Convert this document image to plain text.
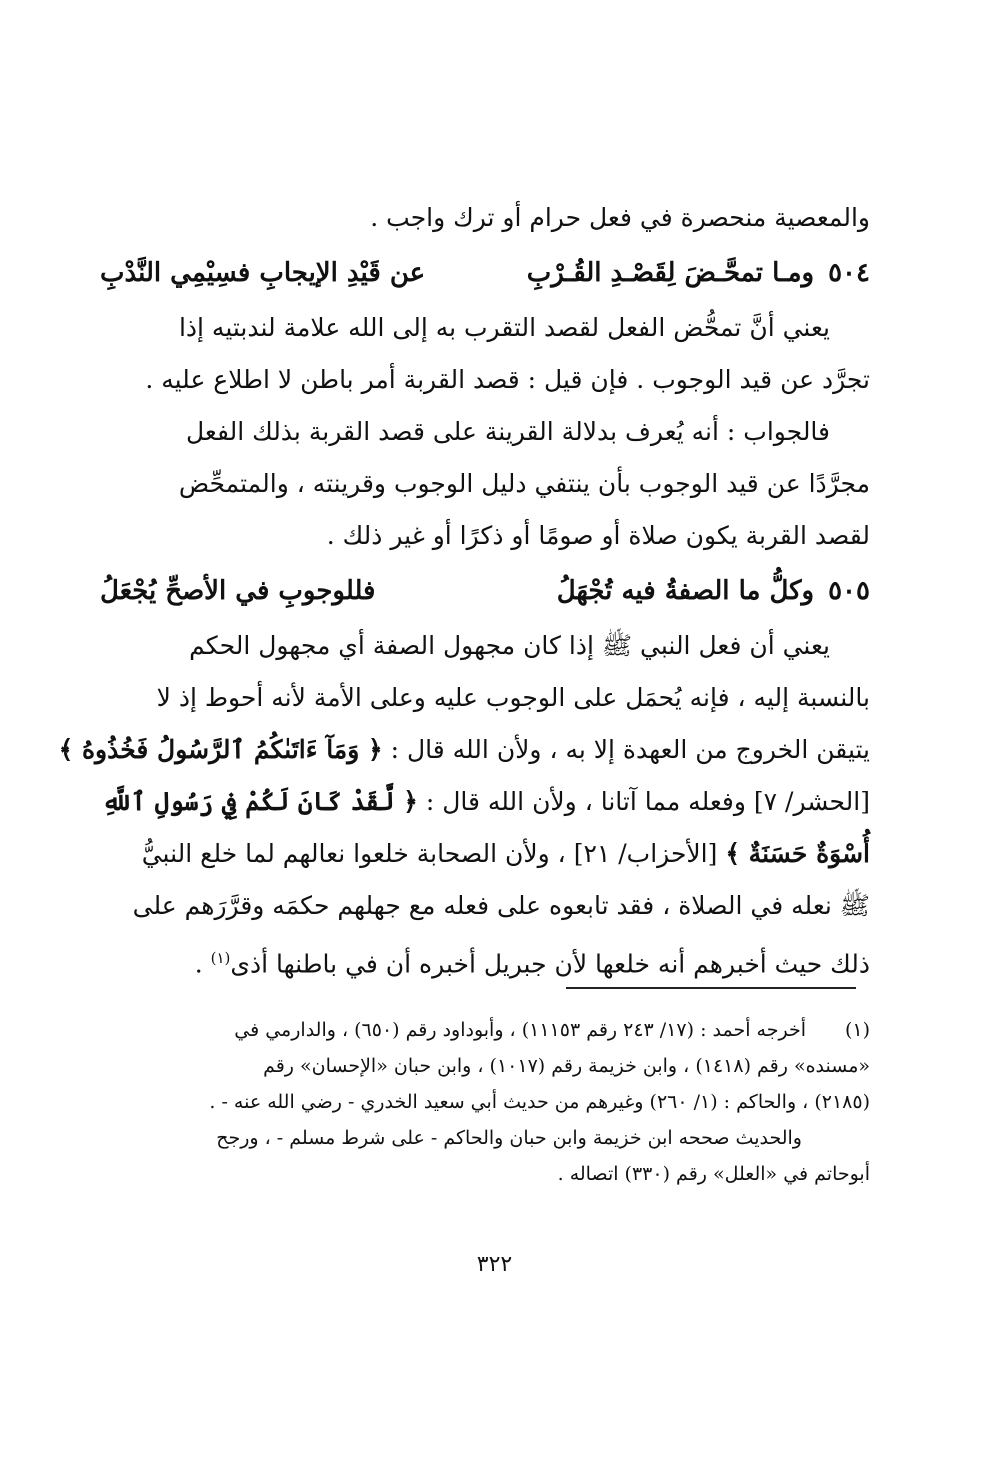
والمعصية منحصرة في فعل حرام أو ترك واجب .
٥٠٤
ومـا تمحَّـضَ لِقَصْـدِ القُـرْبِ
عن قَيْدِ الإيجابِ فسِيْمِي النَّدْبِ
يعني أنَّ تمحُّض الفعل لقصد التقرب به إلى الله علامة لندبتيه إذا
تجرَّد عن قيد الوجوب . فإن قيل : قصد القربة أمر باطن لا اطلاع عليه .
فالجواب : أنه يُعرف بدلالة القرينة على قصد القربة بذلك الفعل
مجرَّدًا عن قيد الوجوب بأن ينتفي دليل الوجوب وقرينته ، والمتمحِّض
لقصد القربة يكون صلاة أو صومًا أو ذكرًا أو غير ذلك .
٥٠٥
وكلُّ ما الصفةُ فيه تُجْهَلُ
فللوجوبِ في الأصحِّ يُجْعَلُ
يعني أن فعل النبي ﷺ إذا كان مجهول الصفة أي مجهول الحكم
بالنسبة إليه ، فإنه يُحمَل على الوجوب عليه وعلى الأمة لأنه أحوط إذ لا
يتيقن الخروج من العهدة إلا به ، ولأن الله قال : ﴿ وَمَآ ءَاتَىٰكُمُ ٱلرَّسُولُ فَخُذُوهُ ﴾
[الحشر/ ٧] وفعله مما آتانا ، ولأن الله قال : ﴿ لَّقَدْ كَانَ لَكُمْ فِي رَسُولِ ٱللَّهِ
أُسْوَةٌ حَسَنَةٌ ﴾ [الأحزاب/ ٢١] ، ولأن الصحابة خلعوا نعالهم لما خلع النبيُّ
ﷺ نعله في الصلاة ، فقد تابعوه على فعله مع جهلهم حكمَه وقرَّرَهم على
ذلك حيث أخبرهم أنه خلعها لأن جبريل أخبره أن في باطنها أذى$^{(١)}$ .
(١)أخرجه أحمد : (١٧/ ٢٤٣ رقم ١١١٥٣) ، وأبوداود رقم (٦٥٠) ، والدارمي في
«مسنده» رقم (١٤١٨) ، وابن خزيمة رقم (١٠١٧) ، وابن حبان «الإحسان» رقم
(٢١٨٥) ، والحاكم : (١/ ٢٦٠) وغيرهم من حديث أبي سعيد الخدري - رضي الله عنه - .
والحديث صححه ابن خزيمة وابن حبان والحاكم - على شرط مسلم - ، ورجح
أبوحاتم في «العلل» رقم (٣٣٠) اتصاله .
٣٢٢
